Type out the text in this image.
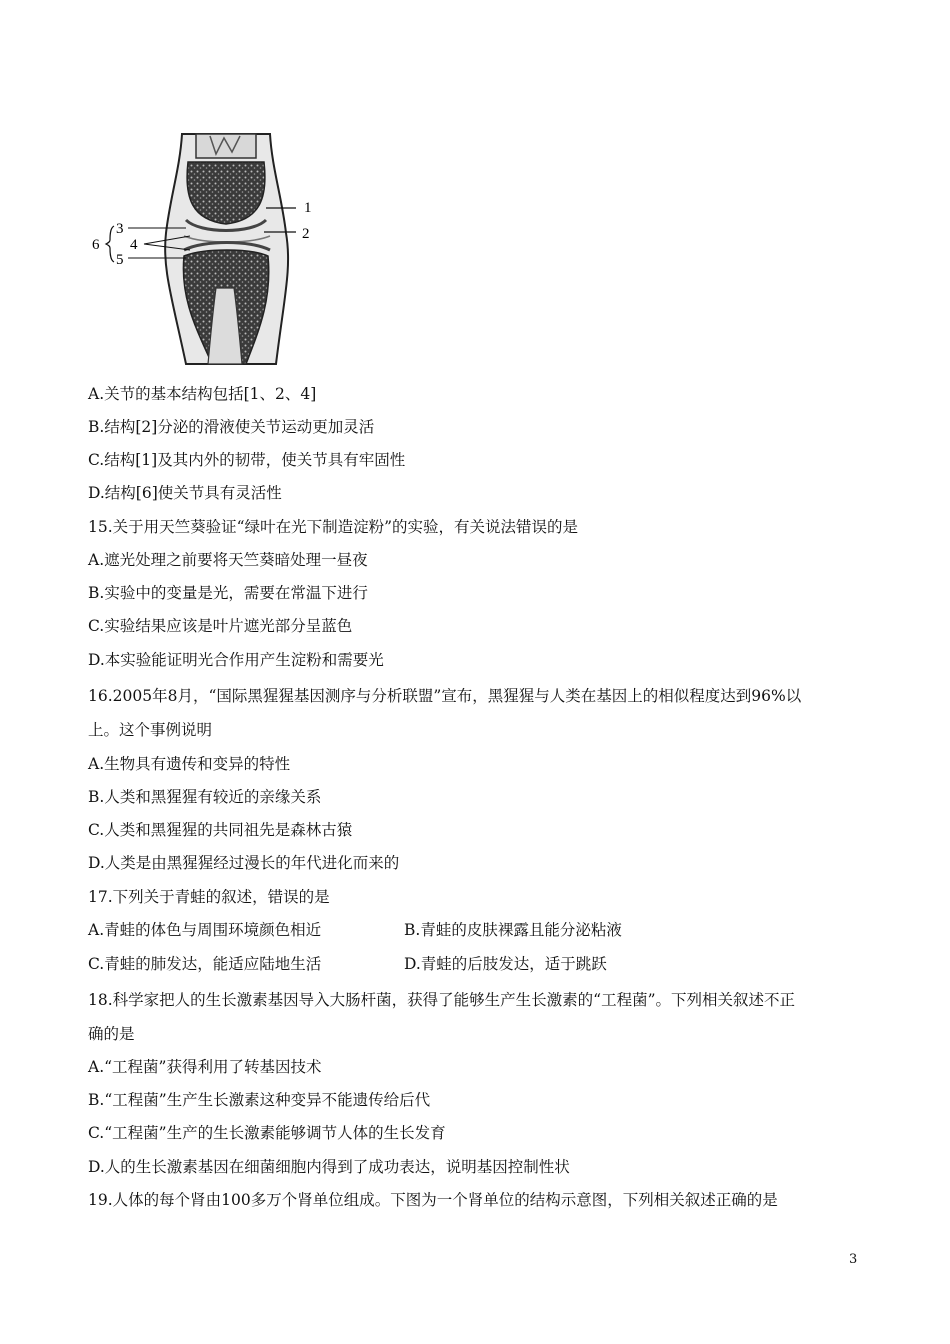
1
2
3
4
5
6
A.关节的基本结构包括[1、2、4]
B.结构[2]分泌的滑液使关节运动更加灵活
C.结构[1]及其内外的韧带，使关节具有牢固性
D.结构[6]使关节具有灵活性
15.关于用天竺葵验证“绿叶在光下制造淀粉”的实验，有关说法错误的是
A.遮光处理之前要将天竺葵暗处理一昼夜
B.实验中的变量是光，需要在常温下进行
C.实验结果应该是叶片遮光部分呈蓝色
D.本实验能证明光合作用产生淀粉和需要光
16.2005年8月，“国际黑猩猩基因测序与分析联盟”宣布，黑猩猩与人类在基因上的相似程度达到96%以
上。这个事例说明
A.生物具有遗传和变异的特性
B.人类和黑猩猩有较近的亲缘关系
C.人类和黑猩猩的共同祖先是森林古猿
D.人类是由黑猩猩经过漫长的年代进化而来的
17.下列关于青蛙的叙述，错误的是
A.青蛙的体色与周围环境颜色相近	B.青蛙的皮肤裸露且能分泌粘液
C.青蛙的肺发达，能适应陆地生活	D.青蛙的后肢发达，适于跳跃
18.科学家把人的生长激素基因导入大肠杆菌，获得了能够生产生长激素的“工程菌”。下列相关叙述不正
确的是
A.“工程菌”获得利用了转基因技术
B.“工程菌”生产生长激素这种变异不能遗传给后代
C.“工程菌”生产的生长激素能够调节人体的生长发育
D.人的生长激素基因在细菌细胞内得到了成功表达，说明基因控制性状
19.人体的每个肾由100多万个肾单位组成。下图为一个肾单位的结构示意图，下列相关叙述正确的是
3
